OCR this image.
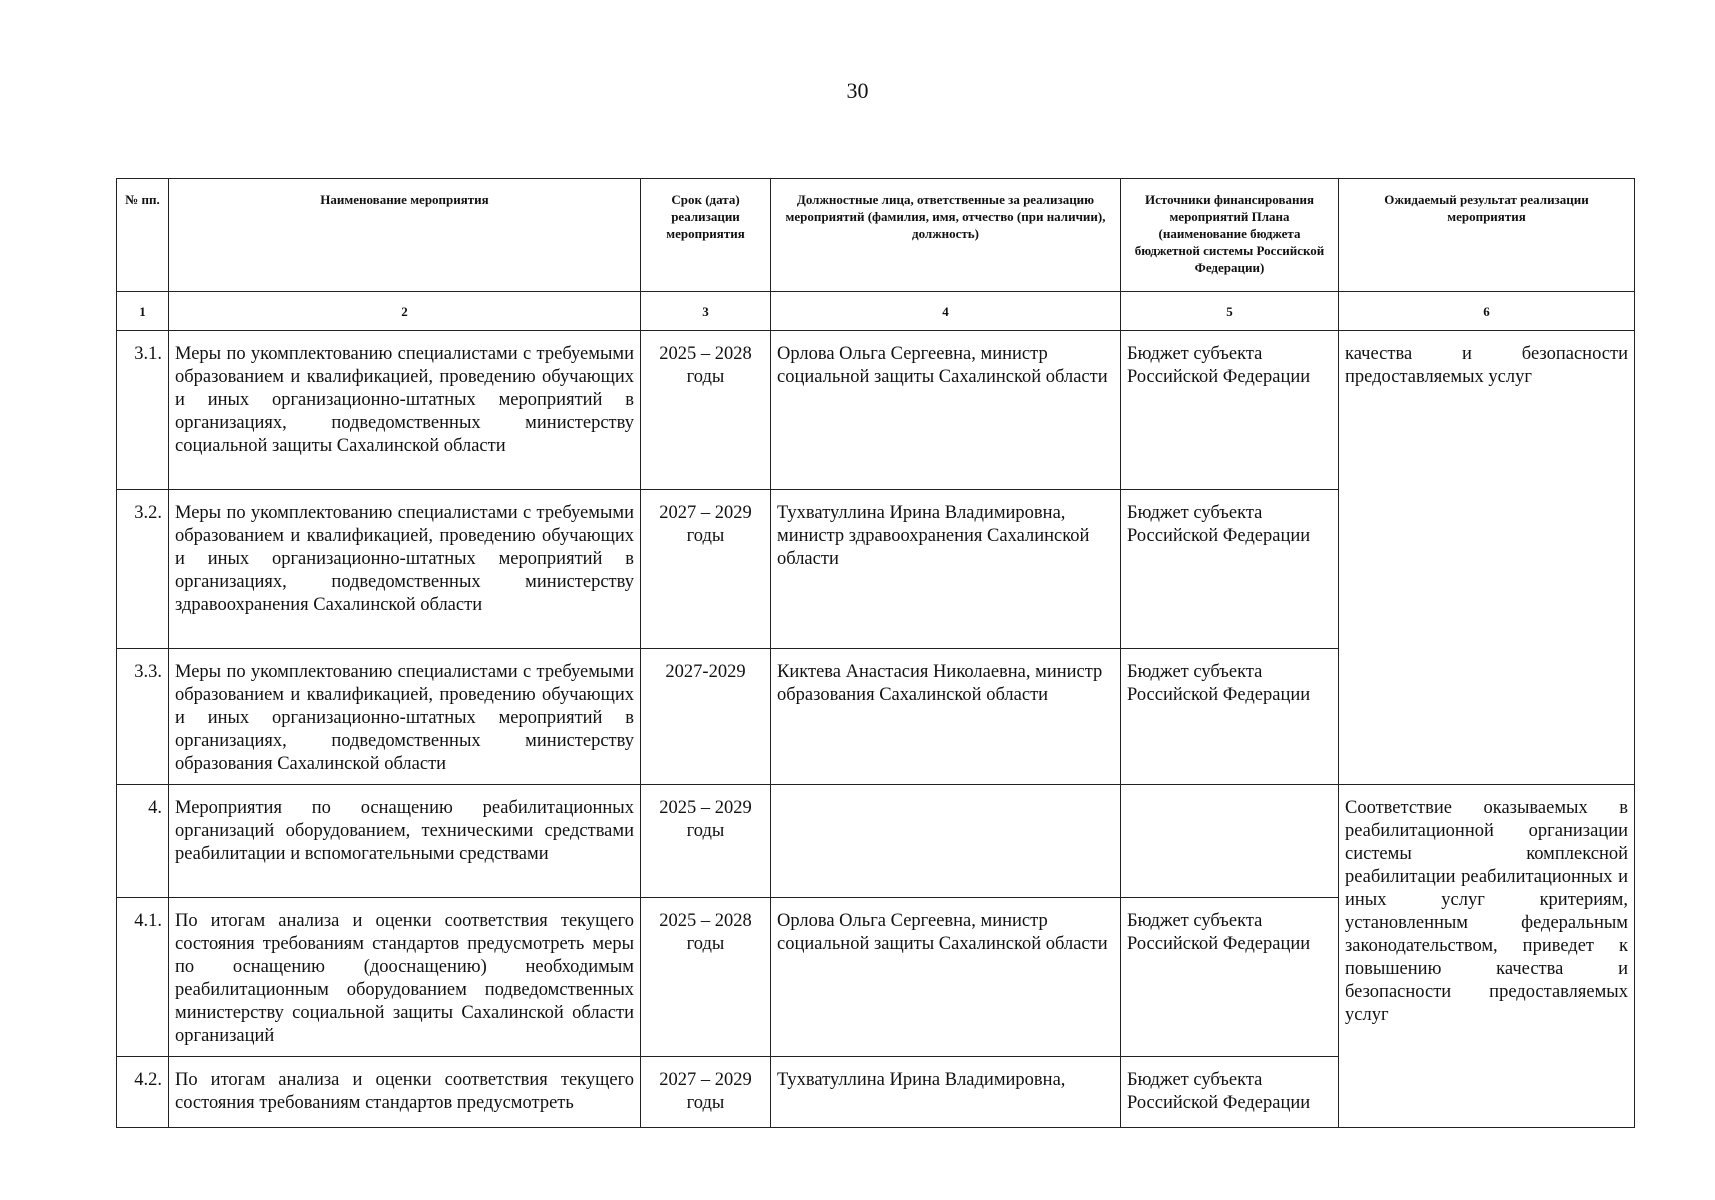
30
№ пп.	Наименование мероприятия	Срок (дата) реализации мероприятия	Должностные лица, ответственные за реализацию мероприятий (фамилия, имя, отчество (при наличии), должность)	Источники финансирования мероприятий Плана (наименование бюджета бюджетной системы Российской Федерации)	Ожидаемый результат реализации мероприятия
1	2	3	4	5	6
3.1.	Меры по укомплектованию специалистами с требуемыми образованием и квалификацией, проведению обучающих и иных организационно-штатных мероприятий в организациях, подведомственных министерству социальной защиты Сахалинской области	2025 – 2028 годы	Орлова Ольга Сергеевна, министр социальной защиты Сахалинской области	Бюджет субъекта Российской Федерации	качества и безопасности предоставляемых услуг
3.2.	Меры по укомплектованию специалистами с требуемыми образованием и квалификацией, проведению обучающих и иных организационно-штатных мероприятий в организациях, подведомственных министерству здравоохранения Сахалинской области	2027 – 2029 годы	Тухватуллина Ирина Владимировна, министр здравоохранения Сахалинской области	Бюджет субъекта Российской Федерации	
3.3.	Меры по укомплектованию специалистами с требуемыми образованием и квалификацией, проведению обучающих и иных организационно-штатных мероприятий в организациях, подведомственных министерству образования Сахалинской области	2027-2029	Киктева Анастасия Николаевна, министр образования Сахалинской области	Бюджет субъекта Российской Федерации	
4.	Мероприятия по оснащению реабилитационных организаций оборудованием, техническими средствами реабилитации и вспомогательными средствами	2025 – 2029 годы			Соответствие оказываемых в реабилитационной организации системы комплексной реабилитации реабилитационных и иных услуг критериям, установленным федеральным законодательством, приведет к повышению качества и безопасности предоставляемых услуг
4.1.	По итогам анализа и оценки соответствия текущего состояния требованиям стандартов предусмотреть меры по оснащению (дооснащению) необходимым реабилитационным оборудованием подведомственных министерству социальной защиты Сахалинской области организаций	2025 – 2028 годы	Орлова Ольга Сергеевна, министр социальной защиты Сахалинской области	Бюджет субъекта Российской Федерации	
4.2.	По итогам анализа и оценки соответствия текущего состояния требованиям стандартов предусмотреть	2027 – 2029 годы	Тухватуллина Ирина Владимировна,	Бюджет субъекта Российской Федерации	
